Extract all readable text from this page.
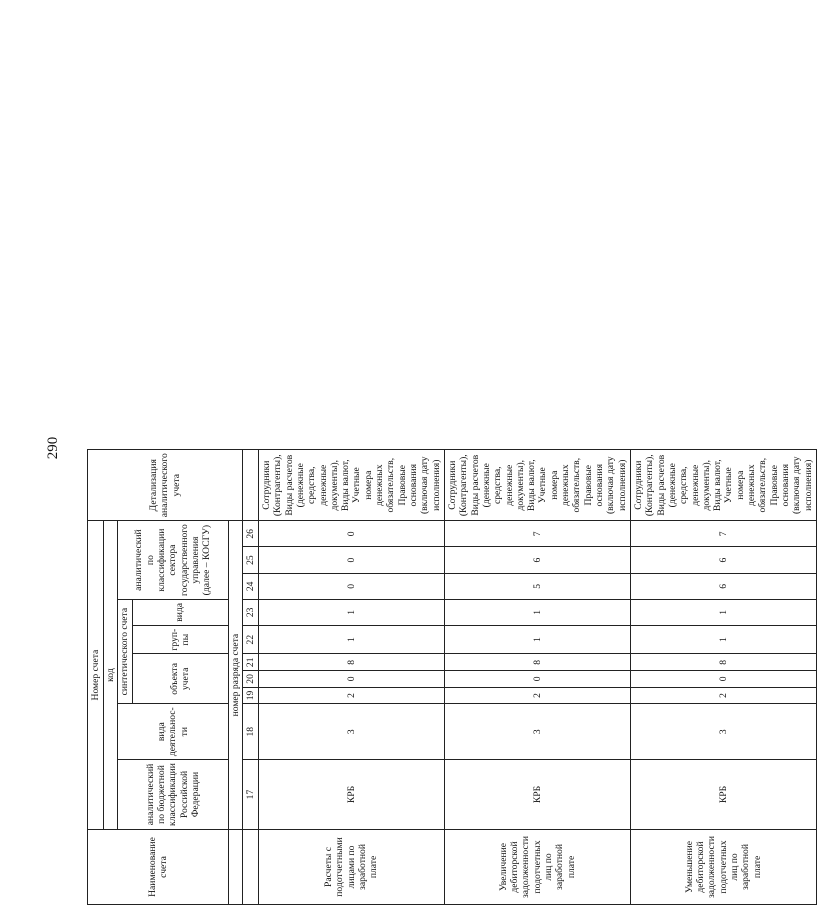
290
Наименование счета	Номер счета										Детализация аналитического учета
	код										
	аналитический по бюджетной классификации Российской Федерации	вида деятельнос-ти	синтетического счета					аналитический по классификации сектора государственного управления (далее – КОСГУ)			
			объекта учета			груп-пы	вида				

	номер разряда счета										
	17	18	19	20	21	22	23	24	25	26	
Расчеты с подотчетными лицами по заработной плате	КРБ	3	2	0	8	1	1	0	0	0	Сотрудники (Контрагенты), Виды расчетов (денежные средства, денежные документы), Виды валют, Учетные номера денежных обязательств, Правовые основания (включая дату исполнения)
Увеличение дебиторской задолженности подотчетных лиц по заработной плате	КРБ	3	2	0	8	1	1	5	6	7	Сотрудники (Контрагенты), Виды расчетов (денежные средства, денежные документы), Виды валют, Учетные номера денежных обязательств, Правовые основания (включая дату исполнения)
Уменьшение дебиторской задолженности подотчетных лиц по заработной плате	КРБ	3	2	0	8	1	1	6	6	7	Сотрудники (Контрагенты), Виды расчетов (денежные средства, денежные документы), Виды валют, Учетные номера денежных обязательств, Правовые основания (включая дату исполнения)
